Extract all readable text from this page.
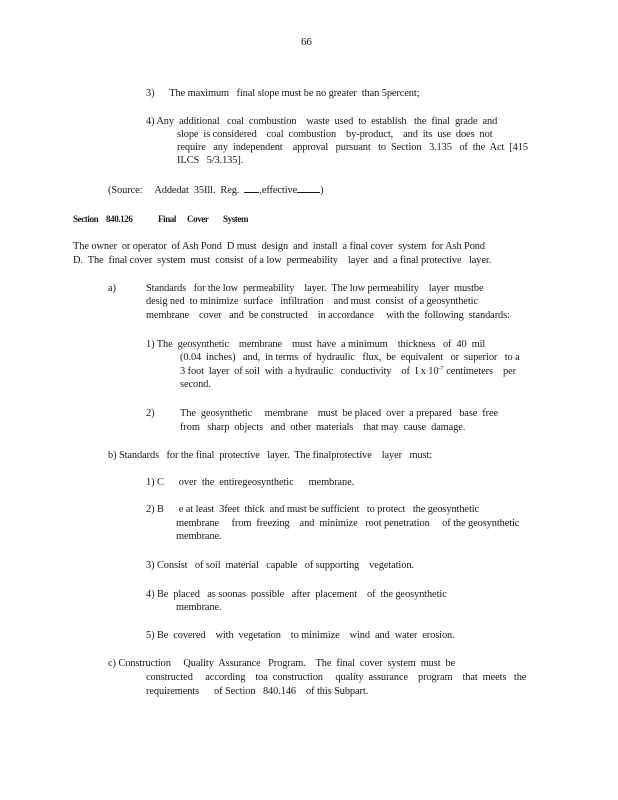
66
3)      The maximum   final slope must be no greater  than 5percent;
4) Any  additional   coal  combustion    waste  used  to  establish   the  final  grade  and
slope  is considered    coal  combustion    by-product,    and  its  use  does  not
require   any  independent    approval   pursuant   to  Section   3.135   of  the  Act  [415
ILCS   5/3.135].
(Source:     Addedat  35Ill.  Reg.  ,effective )
Section 840.126	Final Cover System
The owner  or operator  of Ash Pond  D must  design  and  install  a final cover  system  for Ash Pond
D.  The  final cover  system  must  consist  of a low  permeability    layer  and  a final protective   layer.
a)	Standards   for the low  permeability    layer.  The low permeability    layer  mustbe
desig ned  to minimize  surface   infiltration    and must  consist  of a geosynthetic
membrane    cover   and  be constructed    in accordance     with the  following  standards:
1) The  geosynthetic    membrane    must  have  a minimum    thickness   of  40  mil
(0.04  inches)   and,  in terms  of  hydraulic   flux,  be  equivalent   or  superior   to a
3 foot  layer  of soil  with  a hydraulic   conductivity    of  I x $10^{-7}$ centimeters    per
second.
2) The  geosynthetic     membrane    must  be placed  over  a prepared   base  free
from   sharp  objects   and  other  materials    that may  cause  damage.
b) Standards   for the final  protective   layer.  The finalprotective    layer   must:
1) C      over  the  entiregeosynthetic      membrane.
2) B      e at least  3feet  thick  and must be sufficient   to protect   the geosynthetic
membrane     from  freezing    and  minimize   root penetration     of the geosynthetic
membrane.
3) Consist   of soil  material   capable   of supporting    vegetation.
4) Be  placed   as soonas  possible   after  placement    of  the geosynthetic
membrane.
5) Be  covered    with  vegetation    to minimize    wind  and  water  erosion.
c) Construction     Quality  Assurance   Program.    The  final  cover  system  must  be
constructed     according    toa  construction     quality  assurance    program    that  meets   the
requirements      of Section   840.146    of this Subpart.
